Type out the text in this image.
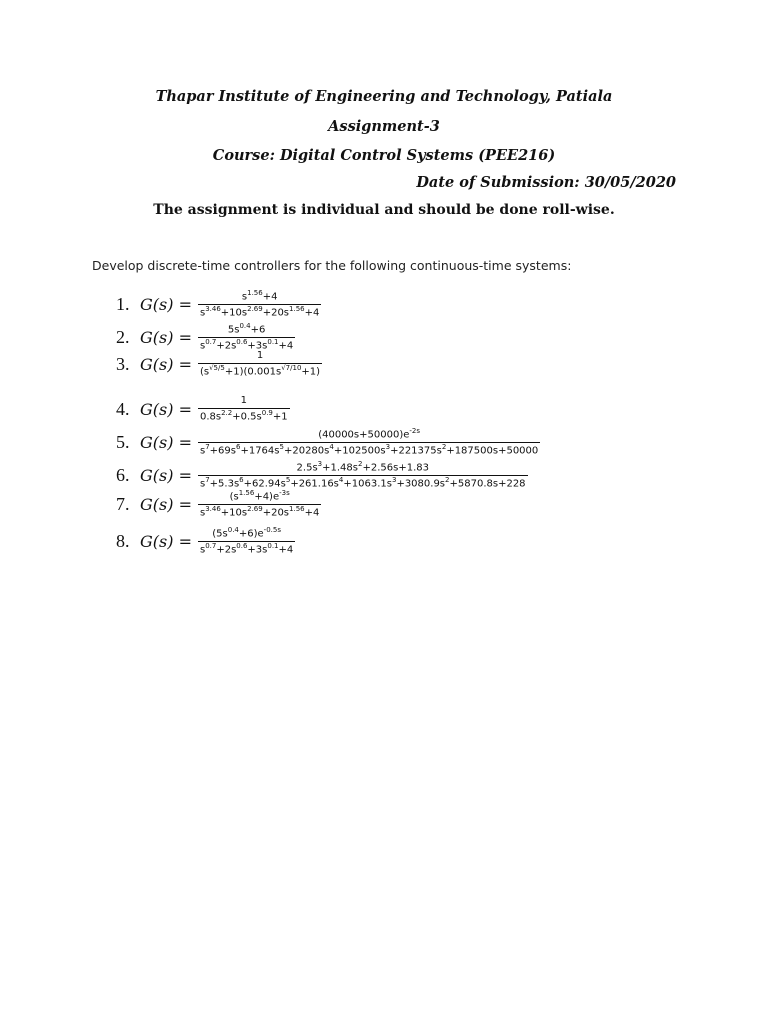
Thapar Institute of Engineering and Technology, Patiala
Assignment-3
Course: Digital Control Systems (PEE216)
Date of Submission: 30/05/2020
The assignment is individual and should be done roll-wise.
Develop discrete-time controllers for the following continuous-time systems:
1. $G(s) = \frac{s^{1.56}+4}{s^{3.46}+10s^{2.69}+20s^{1.56}+4}$
2. $G(s) = \frac{5s^{0.4}+6}{s^{0.7}+2s^{0.6}+3s^{0.1}+4}$
3. $G(s) = \frac{1}{(s^{√5/5}+1)(0.001s^{√7/10}+1)}$
4. $G(s) = \frac{1}{0.8s^{2.2}+0.5s^{0.9}+1}$
5. $G(s) = \frac{(40000s+50000)e^{-2s}}{s^7+69s^6+1764s^5+20280s^4+102500s^3+221375s^2+187500s+50000}$
6. $G(s) = \frac{2.5s^3+1.48s^2+2.56s+1.83}{s^7+5.3s^6+62.94s^5+261.16s^4+1063.1s^3+3080.9s^2+5870.8s+228}$
7. $G(s) = \frac{(s^{1.56}+4)e^{-3s}}{s^{3.46}+10s^{2.69}+20s^{1.56}+4}$
8. $G(s) = \frac{(5s^{0.4}+6)e^{-0.5s}}{s^{0.7}+2s^{0.6}+3s^{0.1}+4}$
